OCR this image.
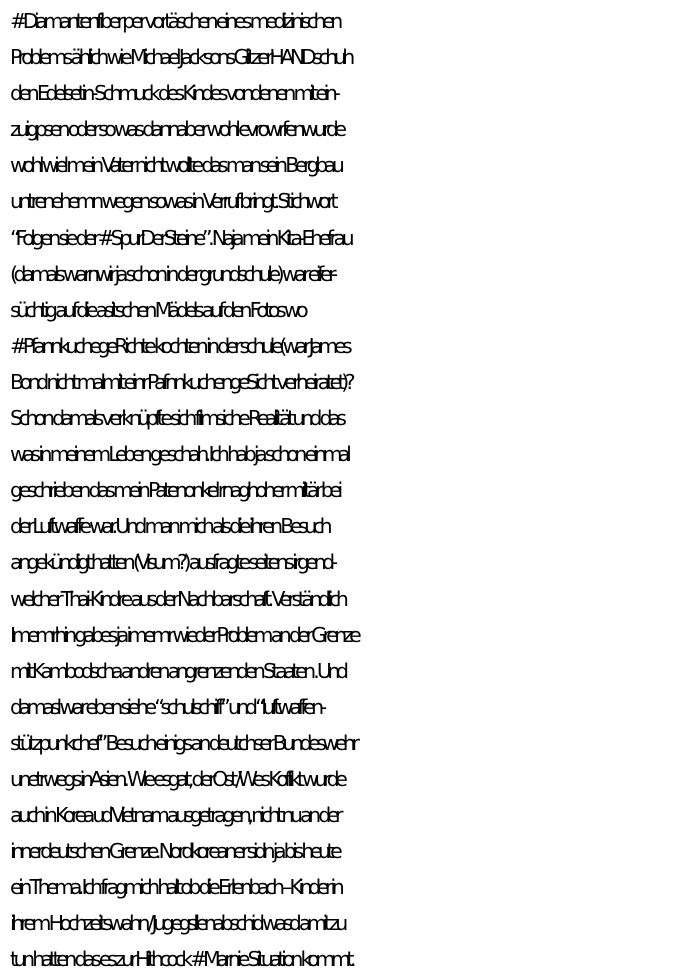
#Diamantenfiber per vortäschen eines medizinischen
Problems ählich wie Michael Jacksons GlitzerHANDschuh
den Edelsetin-Schmuck des Kindes vondenen mit ein-
zuigpsen oder so was dannaber wohl evrowrfenwurde
wohl wiel mein Vater nicht wollte das man sein Bergbau
untrenehemn wegen sowas in Verruf bringt. Stichwort
“Folgen sie der #SpurDerSteine”. Naja mein Kita-Ehefrau
(damals warnwir ja schon in der grundschule) war eifer-
süchtig auf die asitschen Mädels auf den Fotos wo
#PfannkuchegeRichte kochten in der schule(war James
Bond nicht malmit einr PafnnkuchengeSicht verheiratet)?
Schon damals verknüpfte sich filmsiche Realität und das
was in meinem Leben geschah. Ich hab ja schon einmal
geschrieben das mein Patenonkel rnaghoher miltär bei
der Luftwaffe war. Und man mich als die ihren Besuch
angekündigt hatten (Visum?) ausfragte seitens irgend-
welcher Thai-Kindre aus der Nachbarschaft. Verständlich
Imemrhin gabes ja imemr wieder Problem an der Grenze
mit Kambodscha andren angrenzenden Staaten . Und
damasl war eben siehe “schulschiff” und “luftwaffen-
stützpunkchef” Besuch einigs an deutchser Bundeswehr
unetrwegs inAsien. Wie esgat, derOst /Wes Koflikt wurde
auch in Korea ud Vietnam ausgetragen, nicht nu an der
innerdeutschen Grenze. Nordkoreaner sidn ja bis heute
ein Thema. Ich fragmich halt ob die Erlenbach – Kinder in
ihrem Hochzeitswahn / Jugegsllenabschid wasd amit zu
tun hatten das es zur Hithcock #Marnie Situation kommt.
